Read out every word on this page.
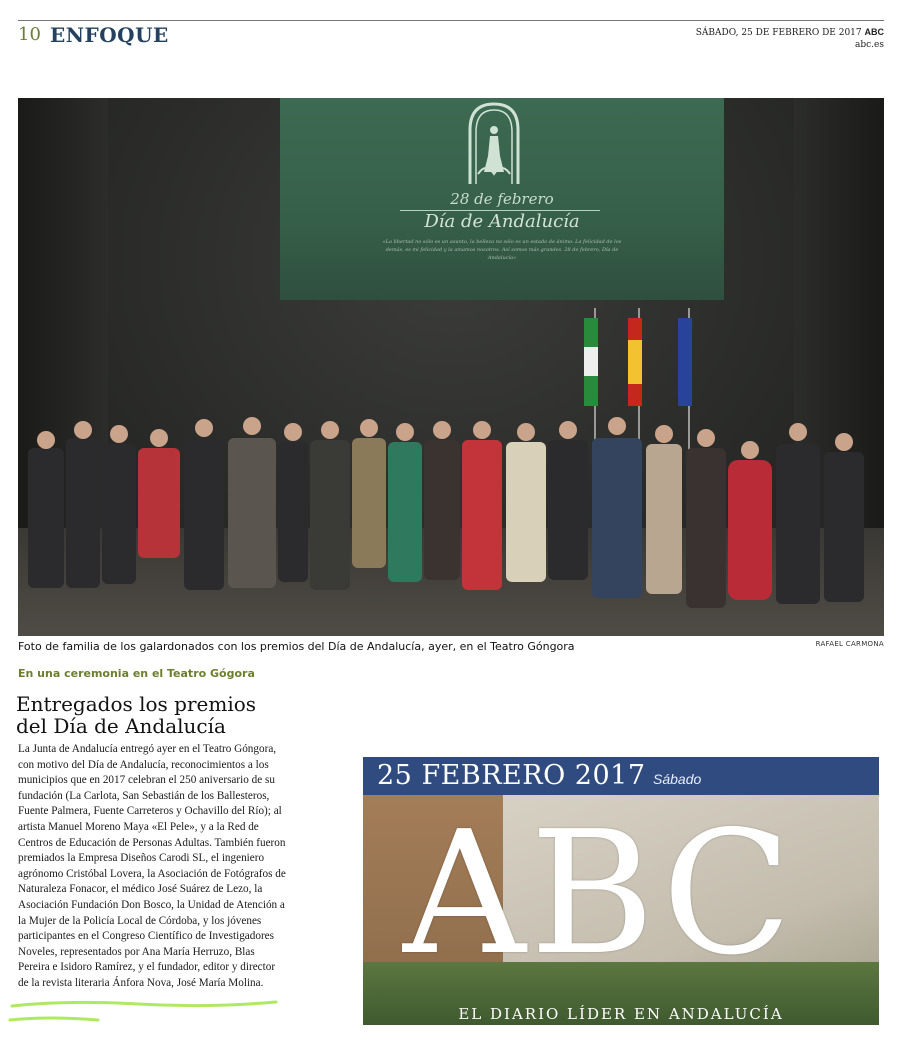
10 ENFOQUE	SÁBADO, 25 DE FEBRERO DE 2017 ABC
abc.es
28 de febrero
Día de Andalucía
«La libertad no sólo es un asunto, la belleza no sólo es un estado de ánimo. La felicidad de los demás, es mi felicidad y la amamos nosotros. Así somos más grandes. 28 de febrero, Día de Andalucía»
Foto de familia de los galardonados con los premios del Día de Andalucía, ayer, en el Teatro Góngora	RAFAEL CARMONA
En una ceremonia en el Teatro Gógora
Entregados los premios del Día de Andalucía
La Junta de Andalucía entregó ayer en el Teatro Góngora, con motivo del Día de Andalucía, reconocimientos a los municipios que en 2017 celebran el 250 aniversario de su fundación (La Carlota, San Sebastián de los Ballesteros, Fuente Palmera, Fuente Carreteros y Ochavillo del Río); al artista Manuel Moreno Maya «El Pele», y a la Red de Centros de Educación de Personas Adultas. También fueron premiados la Empresa Diseños Carodi SL, el ingeniero agrónomo Cristóbal Lovera, la Asociación de Fotógrafos de Naturaleza Fonacor, el médico José Suárez de Lezo, la Asociación Fundación Don Bosco, la Unidad de Atención a la Mujer de la Policía Local de Córdoba, y los jóvenes participantes en el Congreso Científico de Investigadores Noveles, representados por Ana María Herruzo, Blas Pereira e Isidoro Ramírez, y el fundador, editor y director de la revista literaria Ánfora Nova, José María Molina.
25 FEBRERO 2017 Sábado
ABC
EL DIARIO LÍDER EN ANDALUCÍA
